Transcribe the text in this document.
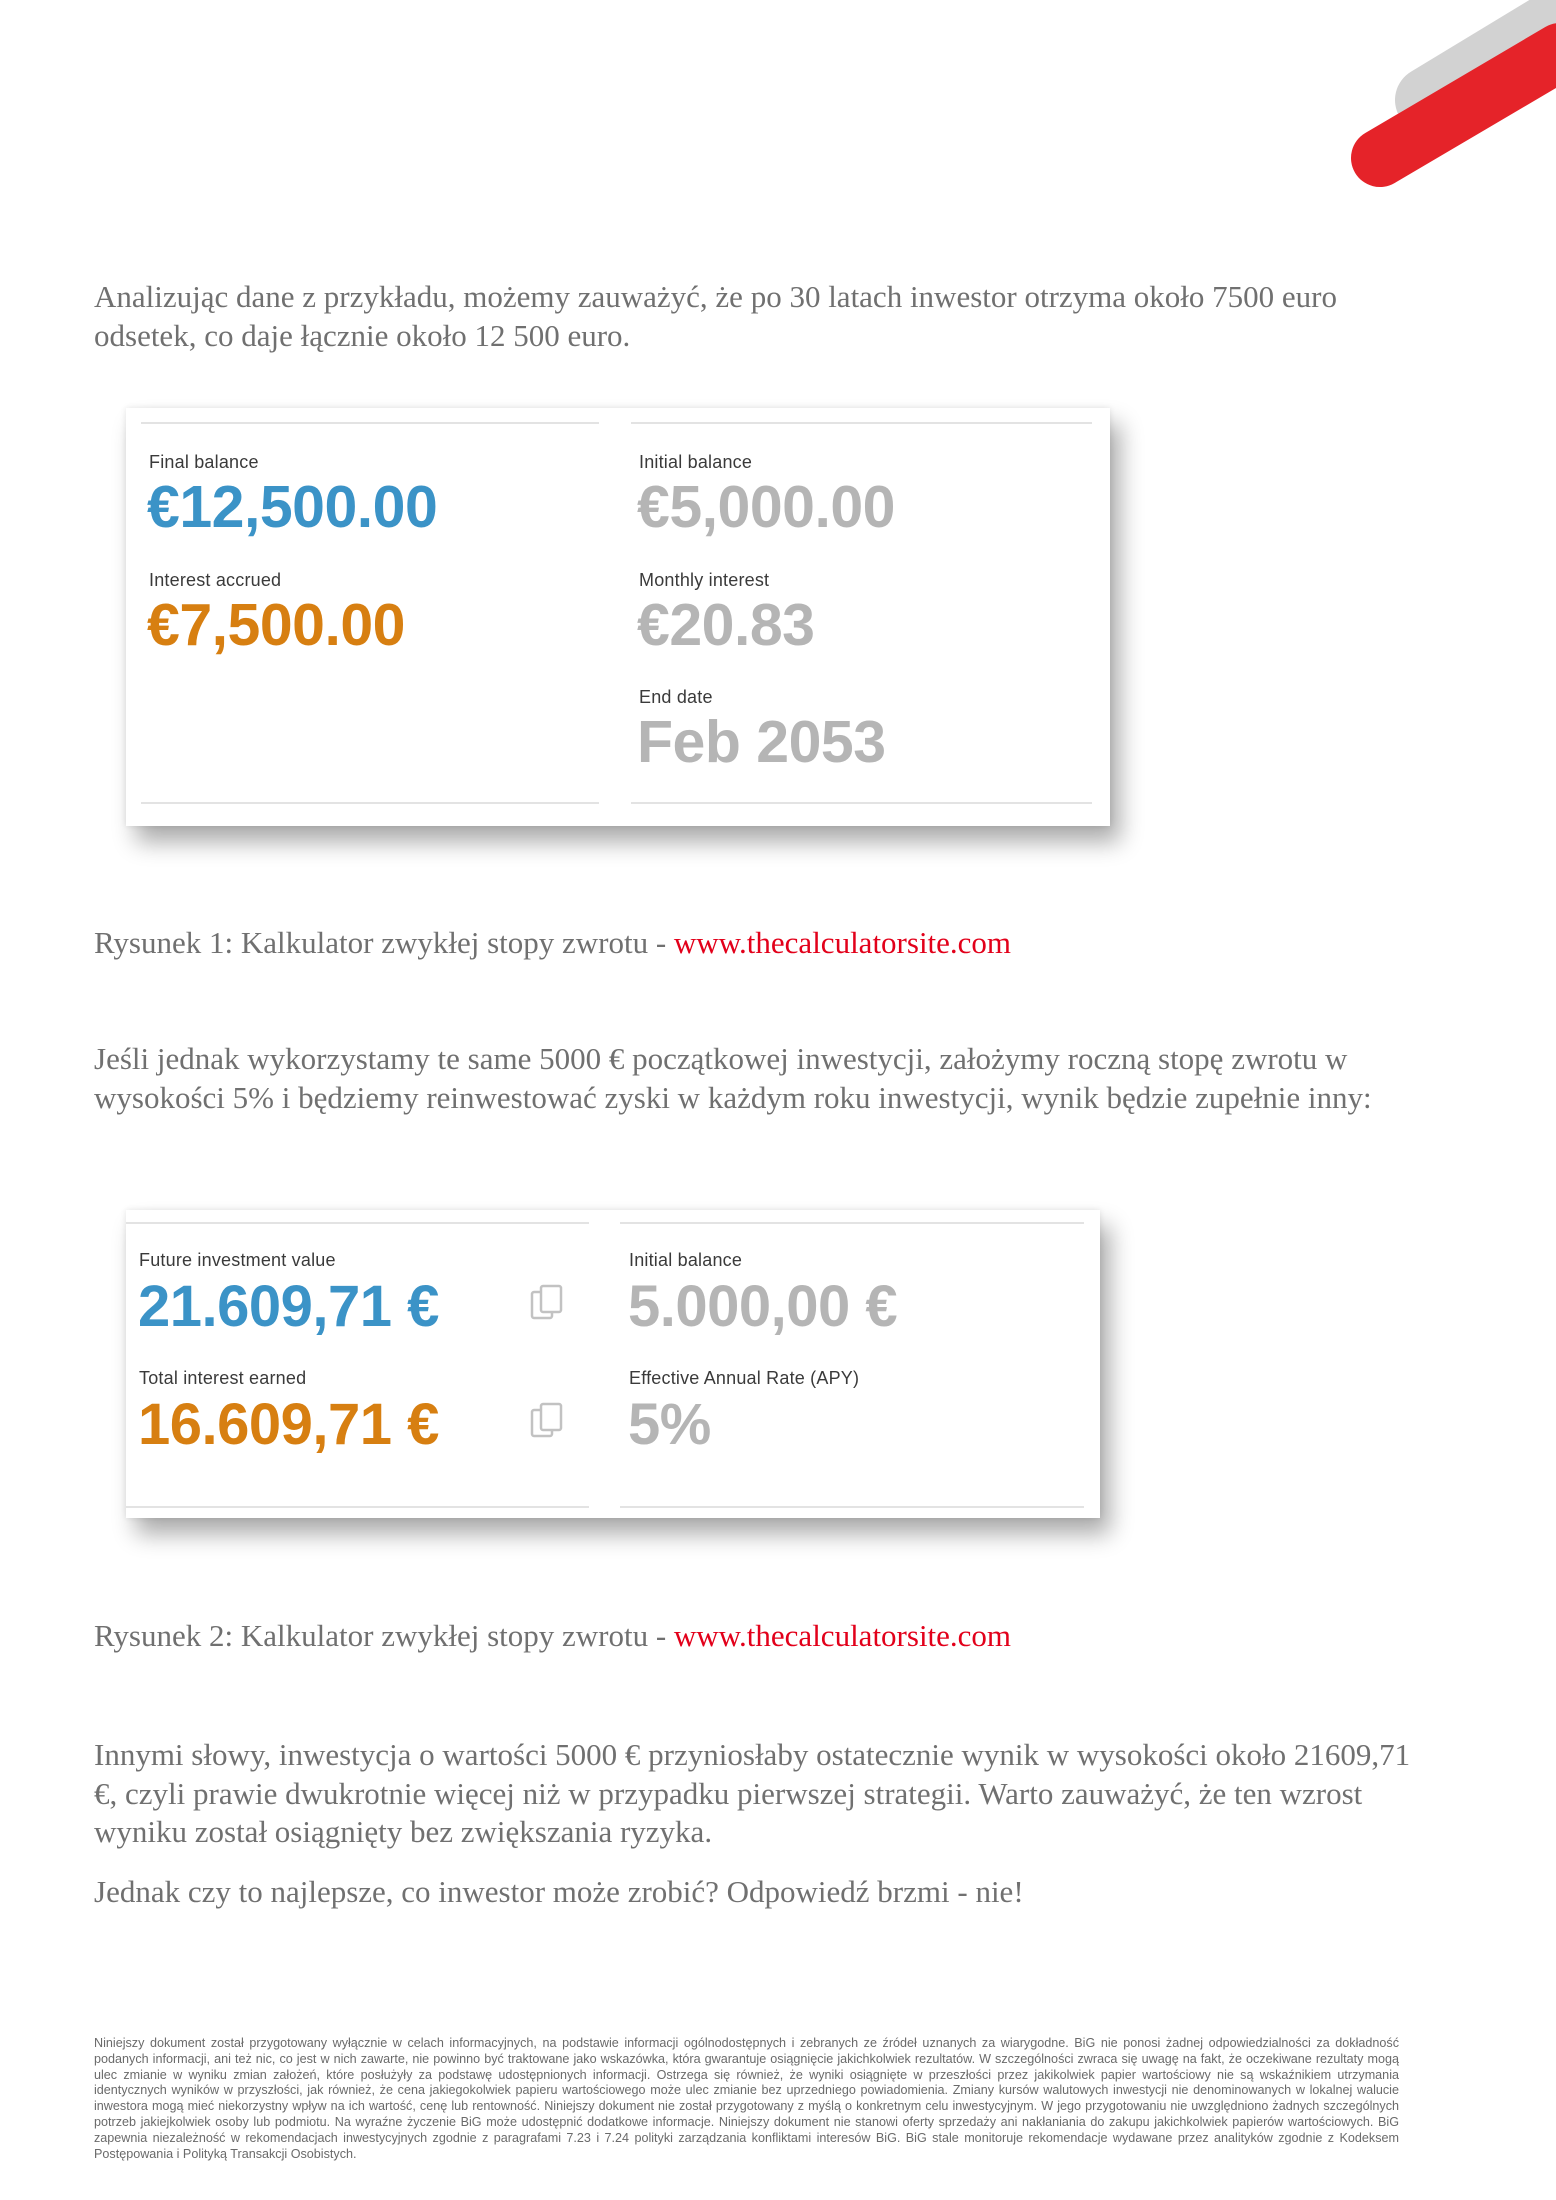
Analizując dane z przykładu, możemy zauważyć, że po 30 latach inwestor otrzyma około 7500 euro odsetek, co daje łącznie około 12 500 euro.

Final balance
€12,500.00
Interest accrued
€7,500.00
Initial balance
€5,000.00
Monthly interest
€20.83
End date
Feb 2053

Rysunek 1: Kalkulator zwykłej stopy zwrotu - www.thecalculatorsite.com

Jeśli jednak wykorzystamy te same 5000 € początkowej inwestycji, założymy roczną stopę zwrotu w wysokości 5% i będziemy reinwestować zyski w każdym roku inwestycji, wynik będzie zupełnie inny:

Future investment value
21.609,71 €
Total interest earned
16.609,71 €
Initial balance
5.000,00 €
Effective Annual Rate (APY)
5%

Rysunek 2: Kalkulator zwykłej stopy zwrotu - www.thecalculatorsite.com

Innymi słowy, inwestycja o wartości 5000 € przyniosłaby ostatecznie wynik w wysokości około 21609,71 €, czyli prawie dwukrotnie więcej niż w przypadku pierwszej strategii. Warto zauważyć, że ten wzrost wyniku został osiągnięty bez zwiększania ryzyka.

Jednak czy to najlepsze, co inwestor może zrobić? Odpowiedź brzmi - nie!

Niniejszy dokument został przygotowany wyłącznie w celach informacyjnych, na podstawie informacji ogólnodostępnych i zebranych ze źródeł uznanych za wiarygodne. BiG nie ponosi żadnej odpowiedzialności za dokładność podanych informacji, ani też nic, co jest w nich zawarte, nie powinno być traktowane jako wskazówka, która gwarantuje osiągnięcie jakichkolwiek rezultatów. W szczególności zwraca się uwagę na fakt, że oczekiwane rezultaty mogą ulec zmianie w wyniku zmian założeń, które posłużyły za podstawę udostępnionych informacji. Ostrzega się również, że wyniki osiągnięte w przeszłości przez jakikolwiek papier wartościowy nie są wskaźnikiem utrzymania identycznych wyników w przyszłości, jak również, że cena jakiegokolwiek papieru wartościowego może ulec zmianie bez uprzedniego powiadomienia. Zmiany kursów walutowych inwestycji nie denominowanych w lokalnej walucie inwestora mogą mieć niekorzystny wpływ na ich wartość, cenę lub rentowność. Niniejszy dokument nie został przygotowany z myślą o konkretnym celu inwestycyjnym. W jego przygotowaniu nie uwzględniono żadnych szczególnych potrzeb jakiejkolwiek osoby lub podmiotu. Na wyraźne życzenie BiG może udostępnić dodatkowe informacje. Niniejszy dokument nie stanowi oferty sprzedaży ani nakłaniania do zakupu jakichkolwiek papierów wartościowych. BiG zapewnia niezależność w rekomendacjach inwestycyjnych zgodnie z paragrafami 7.23 i 7.24 polityki zarządzania konfliktami interesów BiG. BiG stale monitoruje rekomendacje wydawane przez analityków zgodnie z Kodeksem Postępowania i Polityką Transakcji Osobistych.
